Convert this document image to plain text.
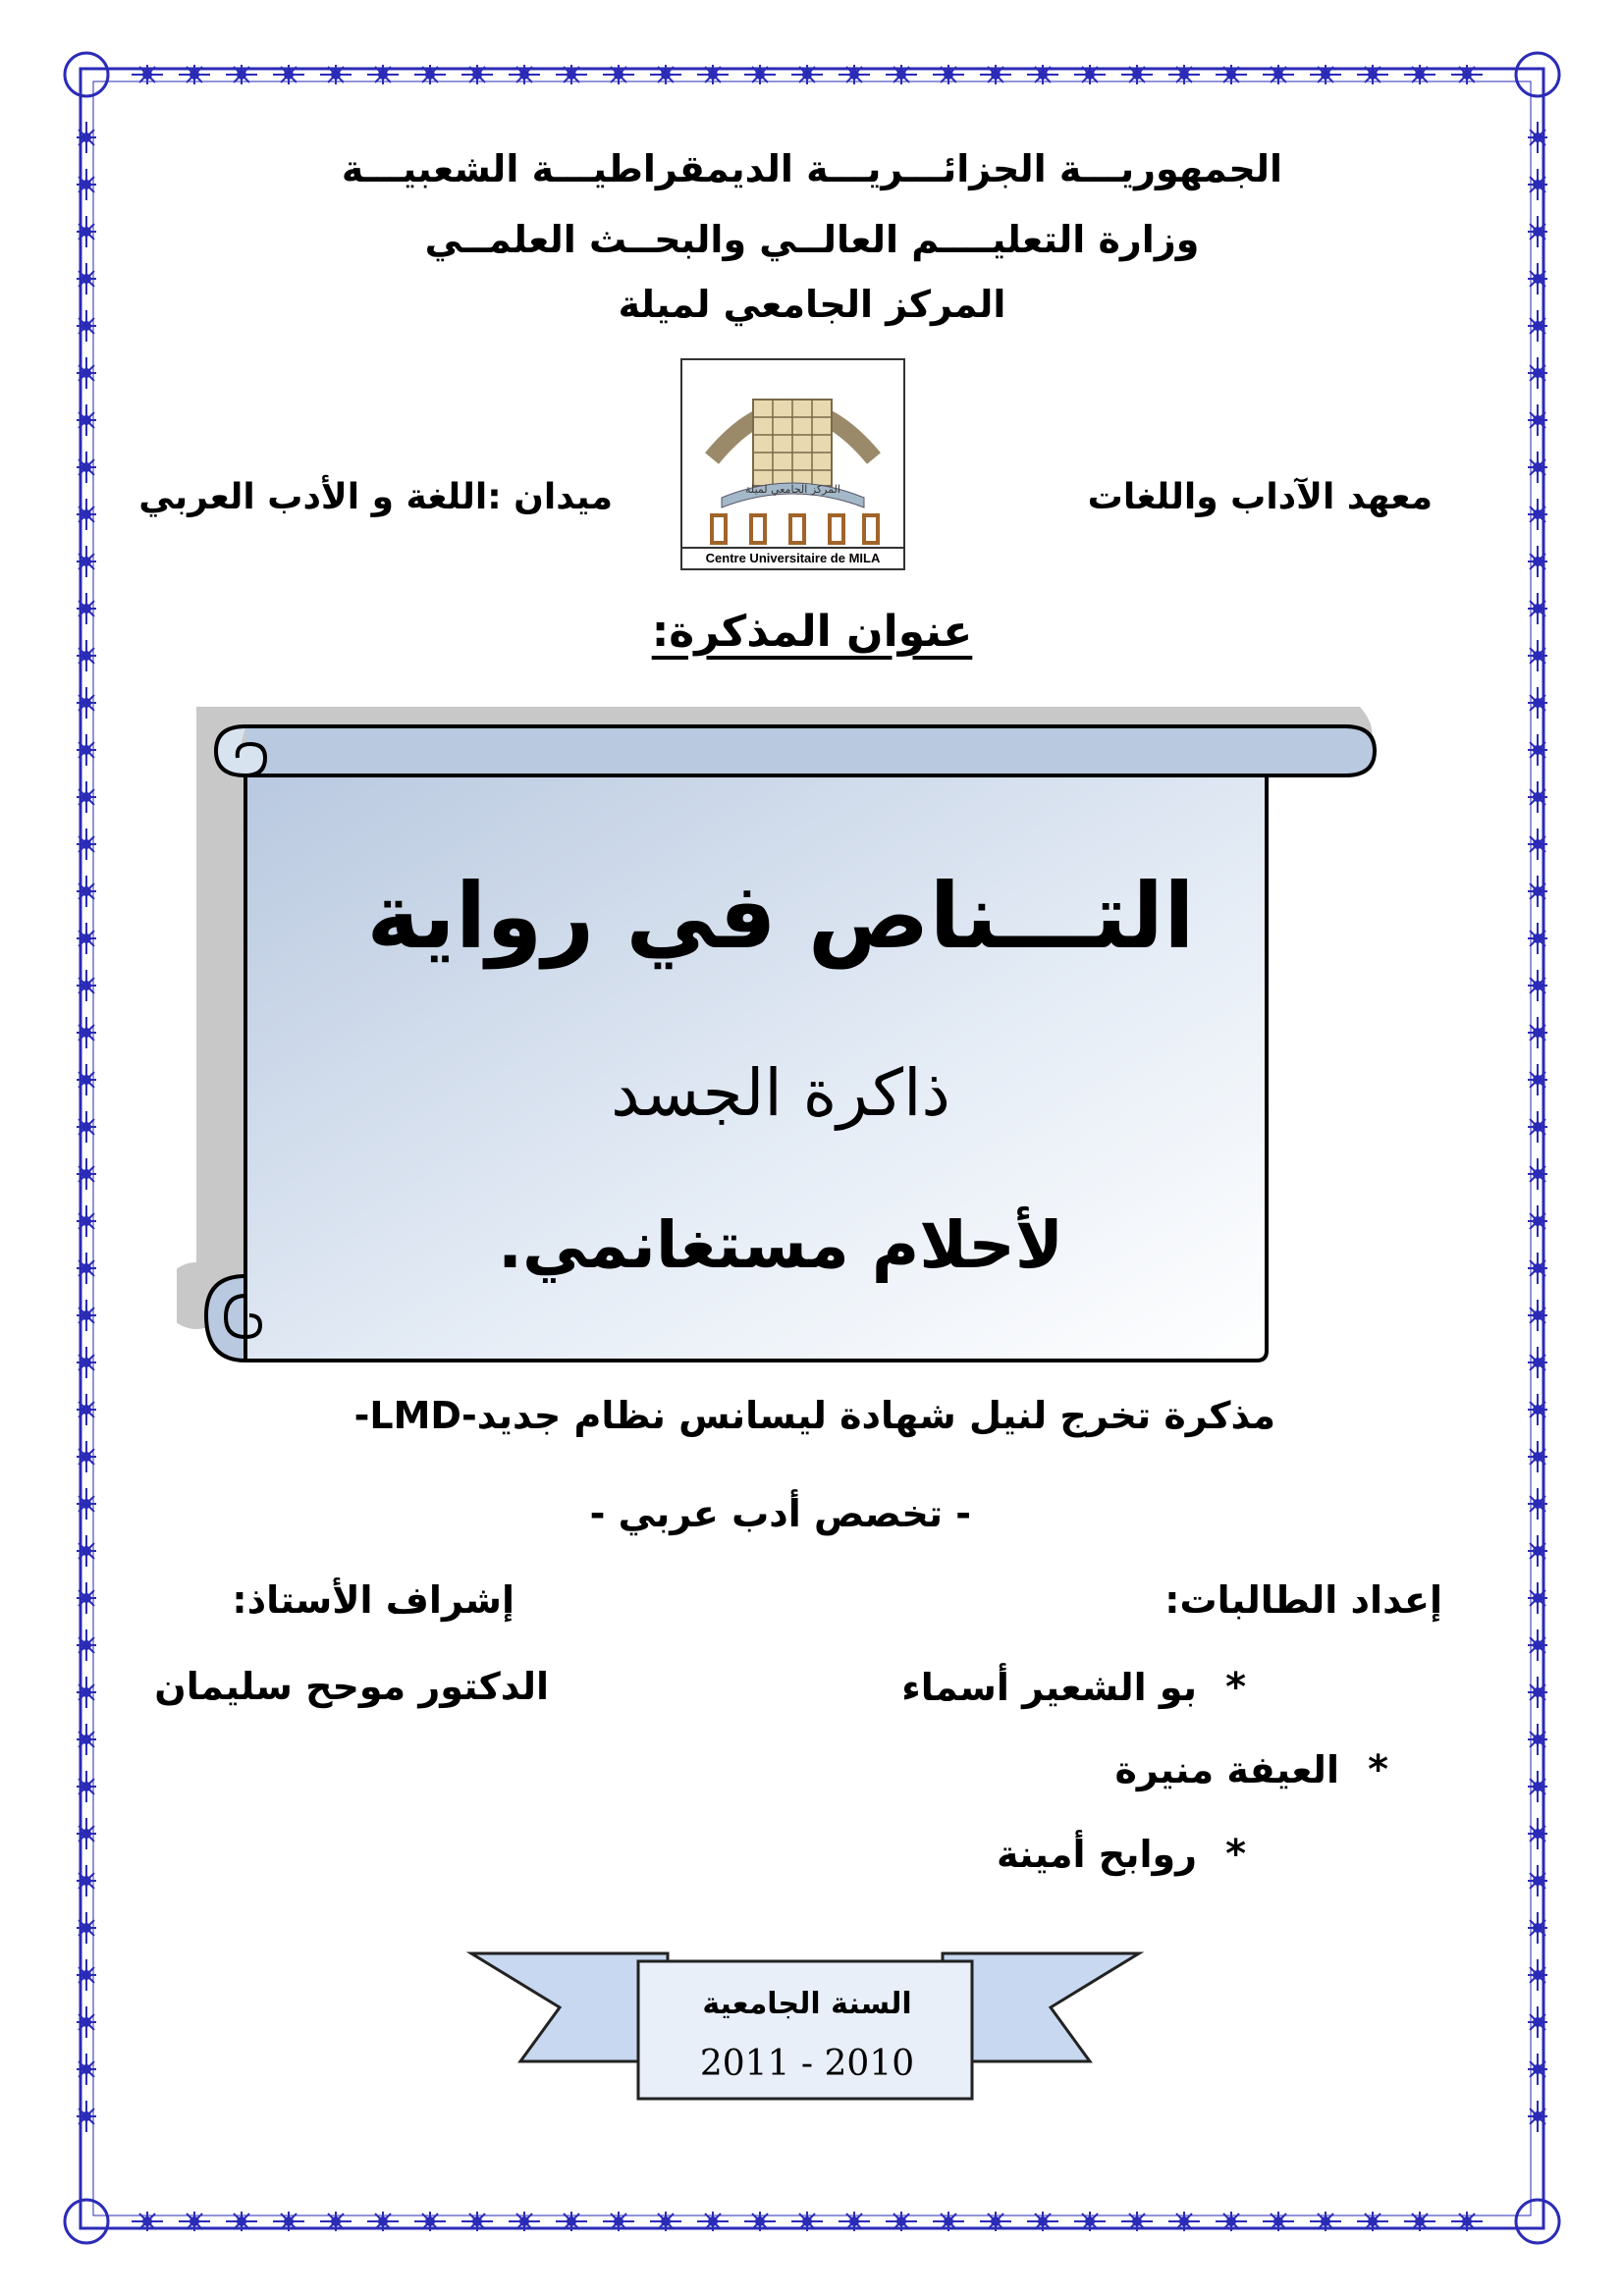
الجمهوريـــة الجزائـــريـــة الديمقراطيـــة الشعبيـــة
وزارة التعليــــم العالــي والبحــث العلمــي
المركز الجامعي لميلة
معهد الآداب واللغات
ميدان :اللغة و الأدب العربي	المركز الجامعي لميلة
Centre Universitaire de MILA
عنوان المذكرة:
التـــناص في رواية
ذاكرة الجسد
لأحلام مستغانمي.
مذكرة تخرج لنيل شهادة ليسانس نظام جديد-LMD-
- تخصص أدب عربي -
إعداد الطالبات:
إشراف الأستاذ:
* بو الشعير أسماء
* العيفة منيرة
* روابح أمينة
الدكتور موحح سليمان
السنة الجامعية
2011 - 2010
